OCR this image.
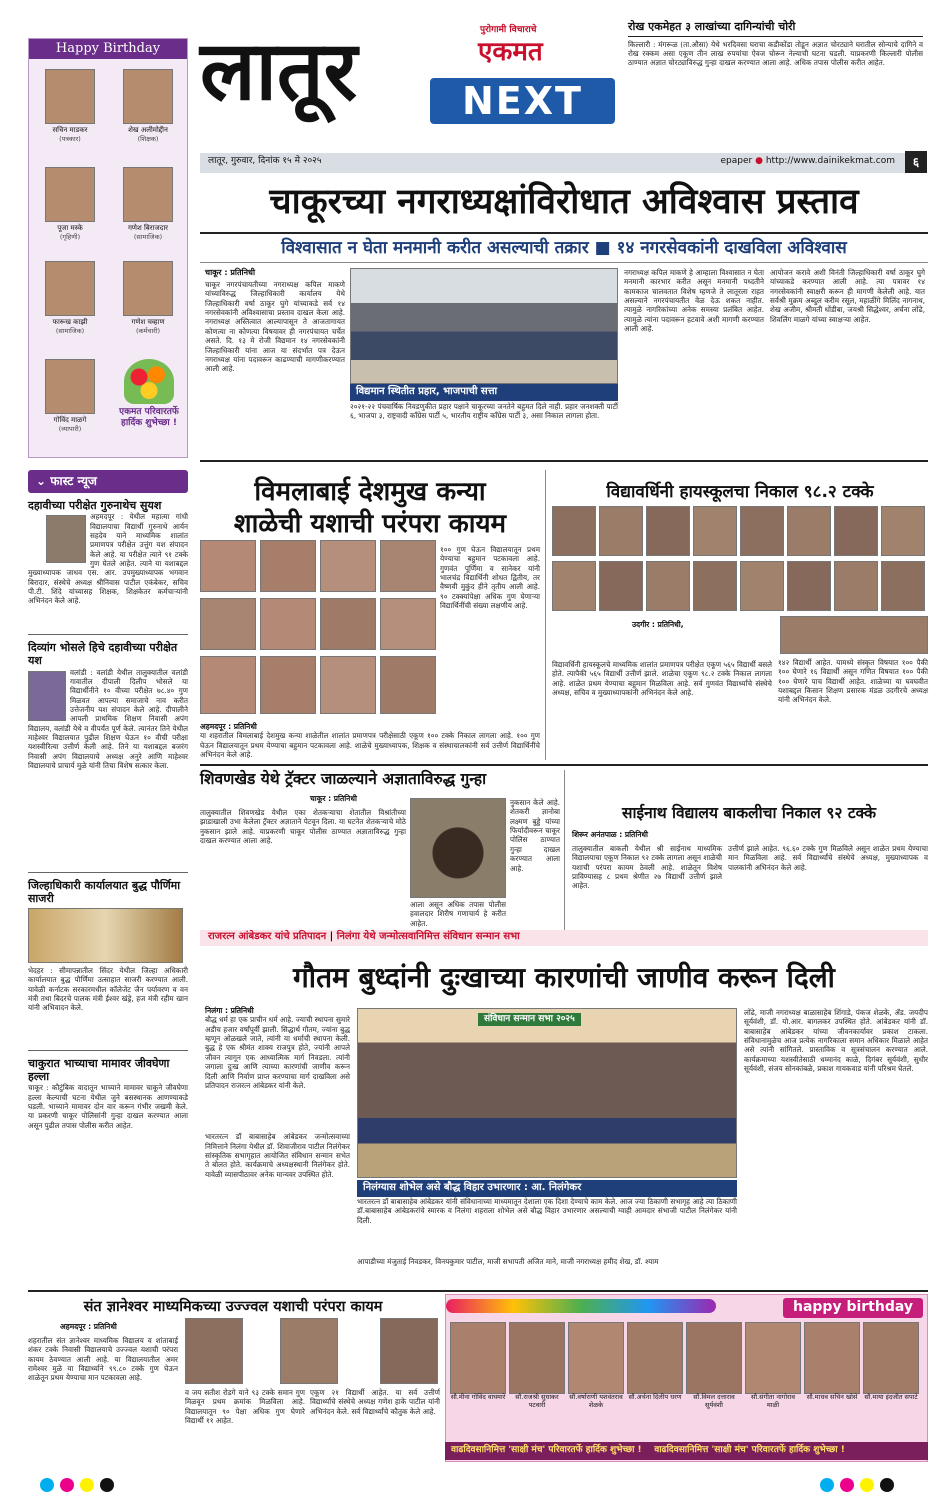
Happy Birthday
सचिन माडकर
(पत्रकार)
शेख अलीमोद्दीन
(शिक्षक)
पूजा मस्के
(गृहिणी)
गणेश बिराजदार
(सामाजिक)
फारूख काझी
(सामाजिक)
गणेश चव्हाण
(कर्मचारी)
गोविंद माळगे
(व्यापारी)
एकमत परिवारतर्फे हार्दिक शुभेच्छा !
⌄ फास्ट न्यूज
दहावीच्या परीक्षेत गुरुनाथेच सुयश
अहमदपूर : येथील महात्मा गांधी विद्यालयाचा विद्यार्थी गुरुनाथे आर्यन सहदेव याने माध्यमिक शालांत प्रमाणपत्र परीक्षेत उत्तुंग यश संपादन केले आहे. या परीक्षेत त्याने ९१ टक्के गुण घेतले आहेत. त्याने या यशाबद्दल मुख्याध्यापक जाधव एस. आर. उपमुख्याध्यापक भगवान बिरादार, संस्थेचे अध्यक्ष श्रीनिवास पाटील एकंबेकर, सचिव पी.टी. शिंदे यांच्यासह शिक्षक, शिक्षकेतर कर्मचाऱ्यांनी अभिनंदन केले आहे.
दिव्यांग भोसले हिचे दहावीच्या परीक्षेत यश
वलांडी : वलांडी येथील तालुक्यातील वलांडी गावातील दीपाली दिलीप भोसले या विद्यार्थीनीने १० वीच्या परीक्षेत ७८.४० गुण मिळवत आपल्या समाजाचे नाव करीत उत्तेजनीय यश संपादन केले आहे. दीपालीने आपली प्राथमिक शिक्षण निवासी अपंग विद्यालय, वलांडी येथे व वीपर्यंत पूर्ण केले. त्यानंतर तिने येथील माहेश्वर विद्यालयात पुढील शिक्षण घेऊन १० वीची परीक्षा यशस्वीरित्या उत्तीर्ण केली आहे. तिने या यशाबद्दल बजरंग निवासी अपंग विद्यालयाचे अध्यक्ष अनुरे आणि माहेश्वर विद्यालयाचे प्राचार्य मुळे यांनी तिचा विशेष सत्कार केला.
जिल्हाधिकारी कार्यालयात बुद्ध पौर्णिमा साजरी
भेदहर : सीमापन्नातील सिंदर येथील जिल्हा अधिकारी कार्यालयात बुद्ध पौर्णिमा उत्साहात साजरी करण्यात आली. यावेळी कर्नाटक सरकारमधील कॉलेजेट जैन पर्यावरण व वन मंत्री तथा बिदरचे पालक मंत्री ईश्वर खंड्रे, हज मंत्री रहीम खान यांनी अभिवादन केले.
चाकुरात भाच्याचा मामावर जीवघेणा हल्ला
चाकूर : कौटुंबिक वादातून भाच्याने मामावर चाकूने जीवघेणा हल्ला केल्याची घटना येथील जुने बसस्थानक आणण्याकडे घडली. भाच्याने मामावर दोन वार करून गंभीर जखमी केले. या प्रकरणी चाकूर पोलिसांनी गुन्हा दाखल करण्यात आला असून पुढील तपास पोलीस करीत आहेत.
लातूर	पुरोगामी विचाराचे
एकमत
NEXT
रोख एकमेहत ३ लाखांच्या दागिन्यांची चोरी
किल्लारी : मंगरूळ (ता.औसा) येथे भरदिवसा घराचा कडीकोंडा तोडून अज्ञात चोरट्याने घरातील सोन्याचे दागिने व रोख रक्कम असा एकूण तीन लाख रुपयांचा ऐवज चोरून नेल्याची घटना घडली. याप्रकरणी किल्लारी पोलीस ठाण्यात अज्ञात चोरट्याविरुद्ध गुन्हा दाखल करण्यात आला आहे. अधिक तपास पोलीस करीत आहेत.
लातूर, गुरुवार, दिनांक १५ मे २०२५	epaper ● http://www.dainikekmat.com	६
चाकूरच्या नगराध्यक्षांविरोधात अविश्वास प्रस्ताव
विश्वासात न घेता मनमानी करीत असल्याची तक्रार ■ १४ नगरसेवकांनी दाखविला अविश्वास
चाकूर : प्रतिनिधी
चाकूर नगरपंचायतीच्या नगराध्यक्ष कपिल माकणे यांच्याविरुद्ध जिल्हाधिकारी कार्यालय येथे जिल्हाधिकारी वर्षा ठाकूर घुगे यांच्याकडे सर्व १४ नगरसेवकांनी अविश्वासाचा प्रस्ताव दाखल केला आहे. नगराध्यक्ष अस्तित्वात आल्यापासून ते आजतागायत कोणत्या ना कोणत्या विषयावर ही नगरपंचायत चर्चेत असते. दि. १३ मे रोजी विद्यमान १४ नगरसेवकांनी जिल्हाधिकारी यांना आज या संदर्भात पत्र देऊन नगराध्यक्ष यांना पदावरून काढण्याची मागणीकरण्यात आली आहे.
विद्यमान स्थितीत प्रहार, भाजपाची सत्ता
२०२१-२२ पंचवार्षिक निवडणुकीत प्रहार पक्षाने चाकूरच्या जनतेने बहुमत दिले नाही. प्रहार जनशक्ती पार्टी ६, भाजपा ३, राष्ट्रवादी काँग्रेस पार्टी ५, भारतीय राष्ट्रीय काँग्रेस पार्टी ३, असा निकाल लागला होता.
नगराध्यक्ष कपिल माकणे हे आम्हाला विश्वासात न घेता मनमानी कारभार करीत असून मनमानी पध्दतीने कामकाज चालवतात विशेष म्हणजे ते लातूरला राहत असल्याने नगरपंचायतीत वेळ देऊ शकत नाहीत. त्यामुळे नागरिकांच्या अनेक समस्या प्रलंबित आहेत. त्यामुळे त्यांना पदावरून हटवावे अशी मागणी करण्यात आली आहे.
आयोजन करावे अशी विनंती जिल्हाधिकारी वर्षा ठाकूर घुगे यांच्याकडे करण्यात आली आहे. त्या पत्रावर १४ नगरसेवकांनी स्वाक्षरी करून ही मागणी केलेली आहे. यात सर्वश्री मुक्रम अब्दुल करीम रसूल, महाळींगे मिलिंद नागनाथ, शेख अजीम, श्रीमती धोंडीबा, जयश्री सिद्धेश्वर, अर्चना लोंढे, शिवलिंग माळगे यांच्या स्वाक्षऱ्या आहेत.
विमलाबाई देशमुख कन्या
शाळेची यशाची परंपरा कायम
१०० गुण घेऊन विद्यालयातून प्रथम येण्याचा बहुमान पटकावला आहे. गुणवंत पूर्णिमा व सानेकर यांनी भालचंद्र विद्यार्थिनी शोधत द्वितीय, तर वैष्णवी मुकुंद हीने तृतीय आली आहे. ९० टक्क्यांपेक्षा अधिक गुण घेणाऱ्या विद्यार्थिनींची संख्या लक्षणीय आहे.
अहमदपूर : प्रतिनिधी
या शहरातील विमलाबाई देशमुख कन्या शाळेतील शालांत प्रमाणपत्र परीक्षेसाठी एकूण १०० टक्के निकाल लागला आहे. १०० गुण घेऊन विद्यालयातून प्रथम येण्याचा बहुमान पटकावला आहे. शाळेचे मुख्याध्यापक, शिक्षक व संस्थाचालकांनी सर्व उत्तीर्ण विद्यार्थिनींचे अभिनंदन केले आहे.
विद्यावर्धिनी हायस्कूलचा निकाल ९८.२ टक्के
उदगीर : प्रतिनिधी,
विद्यावर्धिनी हायस्कूलचे माध्यमिक शालांत प्रमाणपत्र परीक्षेत एकूण ५६५ विद्यार्थी बसले होते. त्यापैकी ५६५ विद्यार्थी उत्तीर्ण झाले. शाळेचा एकूण ९८.२ टक्के निकाल लागला आहे. शाळेत प्रथम येण्याचा बहुमान मिळविला आहे. सर्व गुणवंत विद्यार्थ्यांचे संस्थेचे अध्यक्ष, सचिव व मुख्याध्यापकांनी अभिनंदन केले आहे.
१४२ विद्यार्थी आहेत. यामध्ये संस्कृत विषयात १०० पैकी १०० घेणारे १६ विद्यार्थी असून गणित विषयात १०० पैकी १०० घेणारे पाच विद्यार्थी आहेत. शाळेच्या या घवघवीत यशाबद्दल किसान शिक्षण प्रसारक मंडळ उदगीरचे अध्यक्ष यांनी अभिनंदन केले.
शिवणखेड येथे ट्रॅक्टर जाळल्याने अज्ञाताविरुद्ध गुन्हा
चाकूर : प्रतिनिधी
तालुक्यातील शिवणखेड येथील एका शेतकऱ्याचा शेतातील विश्रांतीच्या झाडाखाली उभा केलेला ट्रॅक्टर अज्ञाताने पेटवून दिला. या घटनेत शेतकऱ्याचे मोठे नुकसान झाले आहे. याप्रकरणी चाकूर पोलीस ठाण्यात अज्ञाताविरुद्ध गुन्हा दाखल करण्यात आला आहे.
आला असून अधिक तपास पोलीस हवालदार शिरीष गणाचार्य हे करीत आहेत.
नुकसान केले आहे. शेतकरी ज्ञानोबा लक्ष्मण बुड्डे यांच्या फिर्यादीवरून चाकूर पोलिस ठाण्यात गुन्हा दाखल करण्यात आला आहे.
साईनाथ विद्यालय बाकलीचा निकाल ९२ टक्के
शिरूर अनंतपाळ : प्रतिनिधी
तालुक्यातील बाकली येथील श्री साईनाथ माध्यमिक विद्यालयाचा एकूण निकाल ९२ टक्के लागला असून शाळेची यशाची परंपरा कायम ठेवली आहे. शाळेतून विशेष प्राविण्यासह ८ प्रथम श्रेणीत २७ विद्यार्थी उत्तीर्ण झाले आहेत.
उत्तीर्ण झाले आहेत. ९६.६० टक्के गुण मिळविले असून शाळेत प्रथम येण्याचा मान मिळविला आहे. सर्व विद्यार्थ्यांचे संस्थेचे अध्यक्ष, मुख्याध्यापक व पालकांनी अभिनंदन केले आहे.
राजरत्न आंबेडकर यांचे प्रतिपादन | निलंगा येथे जन्मोत्सवानिमित्त संविधान सन्मान सभा
गौतम बुध्दांनी दुःखाच्या कारणांची जाणीव करून दिली
निलंगा : प्रतिनिधी
बौद्ध धर्म हा एक प्राचीन धर्म आहे. ज्याची स्थापना सुमारे अडीच हजार वर्षांपूर्वी झाली. सिद्धार्थ गौतम, ज्यांना बुद्ध म्हणून ओळखले जाते, त्यांनी या धर्माची स्थापना केली. बुद्ध हे एक श्रीमंत शाक्य राजपुत्र होते, ज्यांनी आपले जीवन त्यागून एक आध्यात्मिक मार्ग निवडला. त्यांनी जगाला दुःख आणि त्याच्या कारणांची जाणीव करून दिली आणि निर्वाण प्राप्त करण्याचा मार्ग दाखविला असे प्रतिपादन राजरत्न आंबेडकर यांनी केले.
भारतरत्न डॉ बाबासाहेब आंबेडकर जन्मोत्सवाच्या निमित्ताने निलंगा येथील डॉ. शिवाजीराव पाटील निलंगेकर सांस्कृतिक सभागृहात आयोजित संविधान सन्मान सभेत ते बोलत होते. कार्यक्रमाचे अध्यक्षस्थानी निलंगेकर होते. यावेळी व्यासपीठावर अनेक मान्यवर उपस्थित होते.
संविधान सन्मान सभा २०२५
निलंग्यास शोभेल असे बौद्ध विहार उभारणार : आ. निलंगेकर
भारतरत्न डॉ बाबासाहेब आंबेडकर यांनी संविधानाच्या माध्यमातून देशाला एक दिशा देण्याचे काम केले. आज ज्या ठिकाणी सभागृह आहे त्या ठिकाणी डॉ.बाबासाहेब आंबेडकरांचे स्मारक व निलंगा शहराला शोभेल असे बौद्ध विहार उभारणार असल्याची ग्वाही आमदार संभाजी पाटील निलंगेकर यांनी दिली.
आपाडीच्या मंजुताई निवडकर, विनयकुमार पाटील, माजी सभापती अजित माने, माजी नगराध्यक्ष हमीद शेख, डॉ. श्याम
लोंढे, माजी नगराध्यक्ष बाळासाहेब शिंगाडे, पंकज शेळके, ॲड. जयदीप सूर्यवंशी, डॉ. यो.आर. बागलकर उपस्थित होते. आंबेडकर यांनी डॉ. बाबासाहेब आंबेडकर यांच्या जीवनकार्यावर प्रकाश टाकला. संविधानामुळेच आज प्रत्येक नागरिकाला समान अधिकार मिळाले आहेत असे त्यांनी सांगितले. प्रास्ताविक व सूत्रसंचालन करण्यात आले. कार्यक्रमाच्या यशस्वीतेसाठी धम्मानंद काळे, दिगंबर सूर्यवंशी, सुधीर सूर्यवंशी, संजय सोनकांबळे, प्रकाश गायकवाड यांनी परिश्रम घेतले.
संत ज्ञानेश्वर माध्यमिकच्या उज्ज्वल यशाची परंपरा कायम
अहमदपूर : प्रतिनिधी
शहरातील संत ज्ञानेश्वर माध्यमिक विद्यालय व शांताबाई शंकर टक्के निवासी विद्यालयाचे उज्ज्वल यशाची परंपरा कायम ठेवण्यात आली आहे. या विद्यालयातील अमर रामेश्वर मुळे या विद्यार्थ्याने ९९.८० टक्के गुण घेऊन शाळेतून प्रथम येण्याचा मान पटकावला आहे.
व जय सतीश रोडगे याने ९३ टक्के समान गुण मिळवून प्रथम क्रमांक मिळविला आहे. विद्यालयातून ९० पेक्षा अधिक गुण घेणारे विद्यार्थी ११ आहेत.
एकूण २१ विद्यार्थी आहेत. या सर्व उत्तीर्ण विद्यार्थ्यांचे संस्थेचे अध्यक्ष गणेश हाके पाटील यांनी अभिनंदन केले. सर्व विद्यार्थ्यांचे कौतुक केले आहे.
happy birthday
सौ.मीना गोविंद वाघमारे	सौ.राजश्री सुधाकर पटवारी
सौ.वर्षाराणी यशवंतराव शेळके
सौ.अर्चना दिलीप धरण	सौ.विमल दत्ताराव सूर्यवंशी
सौ.संगीता नागोराव माळी
सौ.माधव सचिन खोसे	सौ.माया इंदजीत सपाटे
वाढदिवसानिमित्त 'साक्षी मंच' परिवारतर्फे हार्दिक शुभेच्छा ! वाढदिवसानिमित्त 'साक्षी मंच' परिवारतर्फे हार्दिक शुभेच्छा !
